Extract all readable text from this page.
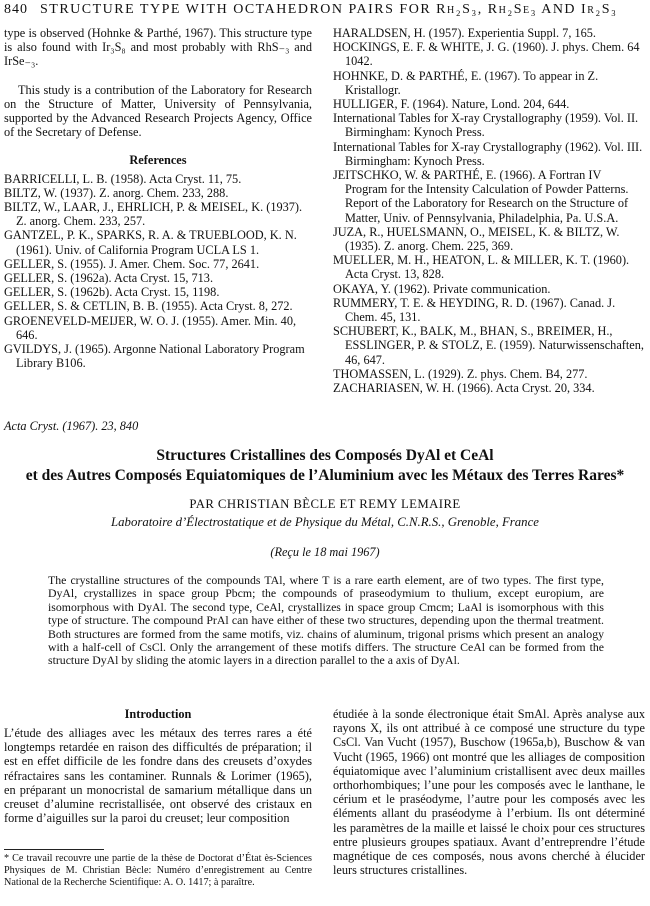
840 STRUCTURE TYPE WITH OCTAHEDRON PAIRS FOR Rh₂S₃, Rh₂Se₃ AND Ir₂S₃
type is observed (Hohnke & Parthé, 1967). This structure type is also found with Ir₃S₈ and most probably with RhS₋₃ and IrSe₋₃.
This study is a contribution of the Laboratory for Research on the Structure of Matter, University of Pennsylvania, supported by the Advanced Research Projects Agency, Office of the Secretary of Defense.
References

BARRICELLI, L. B. (1958). Acta Cryst. 11, 75.

BILTZ, W. (1937). Z. anorg. Chem. 233, 288.

BILTZ, W., LAAR, J., EHRLICH, P. & MEISEL, K. (1937). Z. anorg. Chem. 233, 257.

GANTZEL, P. K., SPARKS, R. A. & TRUEBLOOD, K. N. (1961). Univ. of California Program UCLA LS 1.

GELLER, S. (1955). J. Amer. Chem. Soc. 77, 2641.

GELLER, S. (1962a). Acta Cryst. 15, 713.

GELLER, S. (1962b). Acta Cryst. 15, 1198.

GELLER, S. & CETLIN, B. B. (1955). Acta Cryst. 8, 272.

GROENEVELD-MEIJER, W. O. J. (1955). Amer. Min. 40, 646.

GVILDYS, J. (1965). Argonne National Laboratory Program Library B106.

HARALDSEN, H. (1957). Experientia Suppl. 7, 165.

HOCKINGS, E. F. & WHITE, J. G. (1960). J. phys. Chem. 64 1042.

HOHNKE, D. & PARTHÉ, E. (1967). To appear in Z. Kristallogr.

HULLIGER, F. (1964). Nature, Lond. 204, 644.

International Tables for X-ray Crystallography (1959). Vol. II. Birmingham: Kynoch Press.

International Tables for X-ray Crystallography (1962). Vol. III. Birmingham: Kynoch Press.

JEITSCHKO, W. & PARTHÉ, E. (1966). A Fortran IV Program for the Intensity Calculation of Powder Patterns. Report of the Laboratory for Research on the Structure of Matter, Univ. of Pennsylvania, Philadelphia, Pa. U.S.A.

JUZA, R., HUELSMANN, O., MEISEL, K. & BILTZ, W. (1935). Z. anorg. Chem. 225, 369.

MUELLER, M. H., HEATON, L. & MILLER, K. T. (1960). Acta Cryst. 13, 828.

OKAYA, Y. (1962). Private communication.

RUMMERY, T. E. & HEYDING, R. D. (1967). Canad. J. Chem. 45, 131.

SCHUBERT, K., BALK, M., BHAN, S., BREIMER, H., ESSLINGER, P. & STOLZ, E. (1959). Naturwissenschaften, 46, 647.

THOMASSEN, L. (1929). Z. phys. Chem. B4, 277.

ZACHARIASEN, W. H. (1966). Acta Cryst. 20, 334.

Acta Cryst. (1967). 23, 840
Structures Cristallines des Composés DyAl et CeAl
et des Autres Composés Equiatomiques de l’Aluminium avec les Métaux des Terres Rares*
PAR CHRISTIAN BÈCLE ET REMY LEMAIRE
Laboratoire d’Électrostatique et de Physique du Métal, C.N.R.S., Grenoble, France
(Reçu le 18 mai 1967)
The crystalline structures of the compounds TAl, where T is a rare earth element, are of two types. The first type, DyAl, crystallizes in space group Pbcm; the compounds of praseodymium to thulium, except europium, are isomorphous with DyAl. The second type, CeAl, crystallizes in space group Cmcm; LaAl is isomorphous with this type of structure. The compound PrAl can have either of these two structures, depending upon the thermal treatment. Both structures are formed from the same motifs, viz. chains of aluminum, trigonal prisms which present an analogy with a half-cell of CsCl. Only the arrangement of these motifs differs. The structure CeAl can be formed from the structure DyAl by sliding the atomic layers in a direction parallel to the a axis of DyAl.
Introduction
L’étude des alliages avec les métaux des terres rares a été longtemps retardée en raison des difficultés de préparation; il est en effet difficile de les fondre dans des creusets d’oxydes réfractaires sans les contaminer. Runnals & Lorimer (1965), en préparant un monocristal de samarium métallique dans un creuset d’alumine recristallisée, ont observé des cristaux en forme d’aiguilles sur la paroi du creuset; leur composition
étudiée à la sonde électronique était SmAl. Après analyse aux rayons X, ils ont attribué à ce composé une structure du type CsCl. Van Vucht (1957), Buschow (1965a,b), Buschow & van Vucht (1965, 1966) ont montré que les alliages de composition équiatomique avec l’aluminium cristallisent avec deux mailles orthorhombiques; l’une pour les composés avec le lanthane, le cérium et le praséodyme, l’autre pour les composés avec les éléments allant du praséodyme à l’erbium. Ils ont déterminé les paramètres de la maille et laissé le choix pour ces structures entre plusieurs groupes spatiaux. Avant d’entreprendre l’étude magnétique de ces composés, nous avons cherché à élucider leurs structures cristallines.
* Ce travail recouvre une partie de la thèse de Doctorat d’État ès-Sciences Physiques de M. Christian Bècle: Numéro d’enregistrement au Centre National de la Recherche Scientifique: A. O. 1417; à paraître.
